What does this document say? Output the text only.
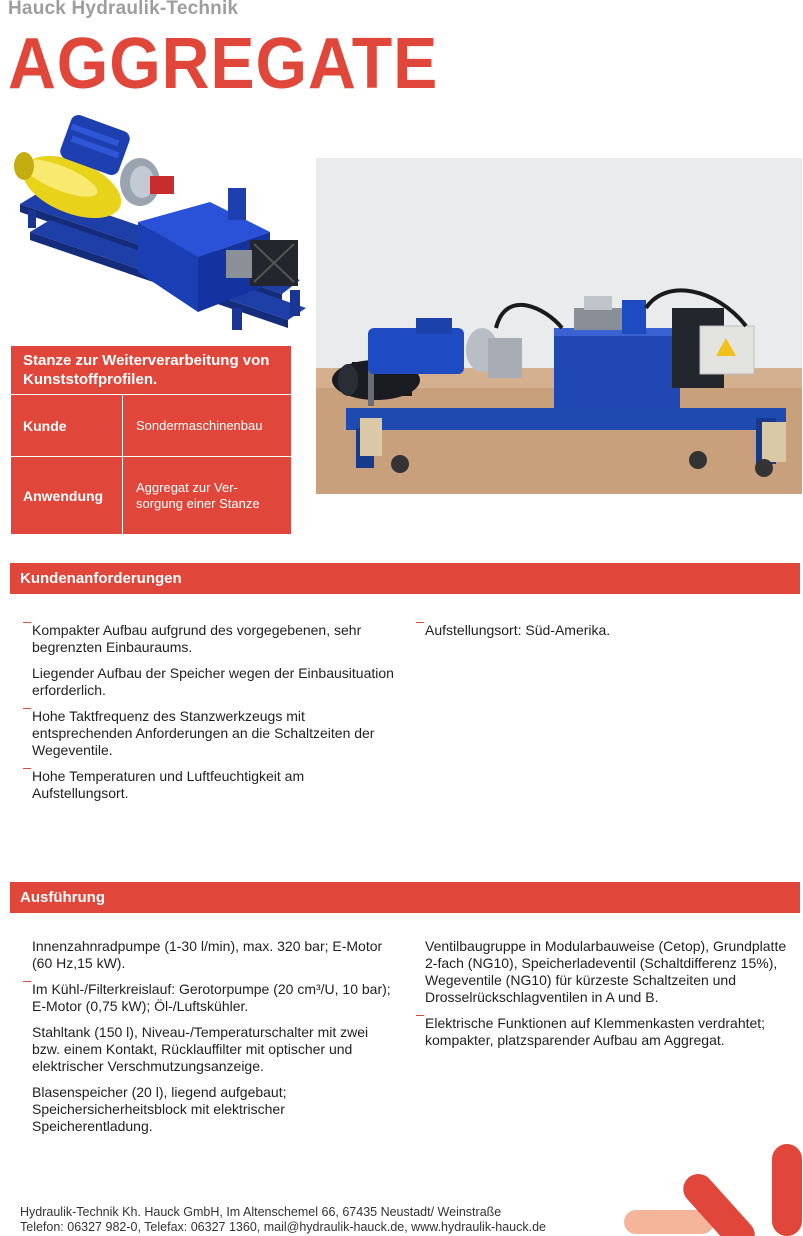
Hauck Hydraulik-Technik
AGGREGATE
Stanze zur Weiterverarbeitung von Kunststoffprofilen.	
Kunde	Sondermaschinenbau
Anwendung	Aggregat zur Ver-
sorgung einer Stanze
Kundenanforderungen

Kompakter Aufbau aufgrund des vorgegebenen, sehr
begrenzten Einbauraums.

Liegender Aufbau der Speicher wegen der Einbausituation
erforderlich.

Hohe Taktfrequenz des Stanzwerkzeugs mit
entsprechenden Anforderungen an die Schaltzeiten der
Wegeventile.

Hohe Temperaturen und Luftfeuchtigkeit am
Aufstellungsort.

Aufstellungsort: Süd-Amerika.

Ausführung

Innenzahnradpumpe (1-30 l/min), max. 320 bar; E-Motor
(60 Hz,15 kW).

Im Kühl-/Filterkreislauf: Gerotorpumpe (20 cm³/U, 10 bar);
E-Motor (0,75 kW); Öl-/Luftskühler.

Stahltank (150 l), Niveau-/Temperaturschalter mit zwei
bzw. einem Kontakt, Rücklauffilter mit optischer und
elektrischer Verschmutzungsanzeige.

Blasenspeicher (20 l), liegend aufgebaut;
Speichersicherheitsblock mit elektrischer
Speicherentladung.

Ventilbaugruppe in Modularbauweise (Cetop), Grundplatte
2-fach (NG10), Speicherladeventil (Schaltdifferenz 15%),
Wegeventile (NG10) für kürzeste Schaltzeiten und
Drosselrückschlagventilen in A und B.

Elektrische Funktionen auf Klemmenkasten verdrahtet;
kompakter, platzsparender Aufbau am Aggregat.

Hydraulik-Technik Kh. Hauck GmbH, Im Altenschemel 66, 67435 Neustadt/ Weinstraße
Telefon: 06327 982-0, Telefax: 06327 1360, mail@hydraulik-hauck.de, www.hydraulik-hauck.de
